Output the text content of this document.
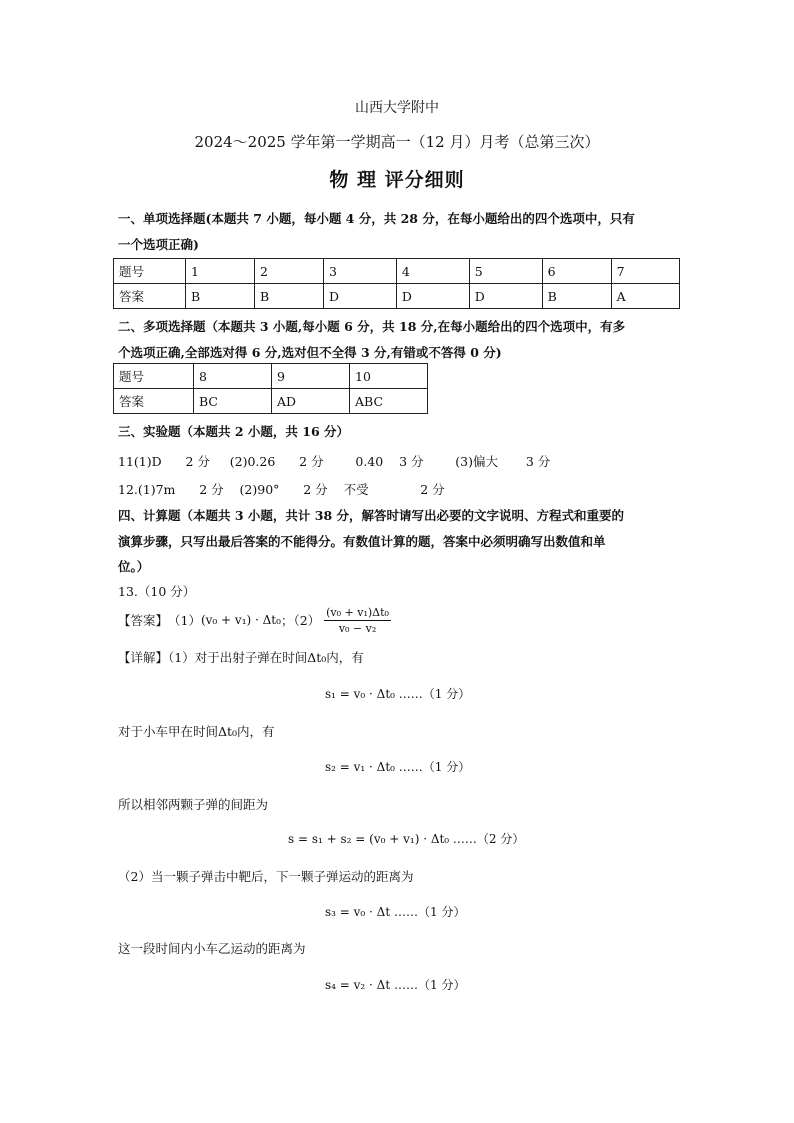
山西大学附中
2024～2025 学年第一学期高一（12 月）月考（总第三次）
物 理 评分细则
一、单项选择题(本题共 7 小题，每小题 4 分，共 28 分，在每小题给出的四个选项中，只有
一个选项正确)
题号	1	2	3	4	5	6	7
答案	B	B	D	D	D	B	A
二、多项选择题（本题共 3 小题,每小题 6 分，共 18 分,在每小题给出的四个选项中，有多
个选项正确,全部选对得 6 分,选对但不全得 3 分,有错或不答得 0 分)
题号	8	9	10
答案	BC	AD	ABC
三、实验题（本题共 2 小题，共 16 分）
11(1)D      2 分     (2)0.26      2 分        0.40    3 分        (3)偏大       3 分
12.(1)7m      2 分    (2)90°      2 分    不受             2 分
四、计算题（本题共 3 小题，共计 38 分，解答时请写出必要的文字说明、方程式和重要的
演算步骤，只写出最后答案的不能得分。有数值计算的题，答案中必须明确写出数值和单
位。）
13.（10 分）
【答案】 （1） (v₀ + v₁) · Δt₀ ；$(2) \frac{\text{(v₀ + v₁)Δt₀}}{\text{v₀ − v₂}}$
【详解】（1）对于出射子弹在时间Δt₀内，有
s₁ = v₀ · Δt₀ ……（1 分）
对于小车甲在时间Δt₀内，有
s₂ = v₁ · Δt₀ ……（1 分）
所以相邻两颗子弹的间距为
s = s₁ + s₂ = (v₀ + v₁) · Δt₀ ……（2 分）
（2）当一颗子弹击中靶后，下一颗子弹运动的距离为
s₃ = v₀ · Δt ……（1 分）
这一段时间内小车乙运动的距离为
s₄ = v₂ · Δt ……（1 分）
